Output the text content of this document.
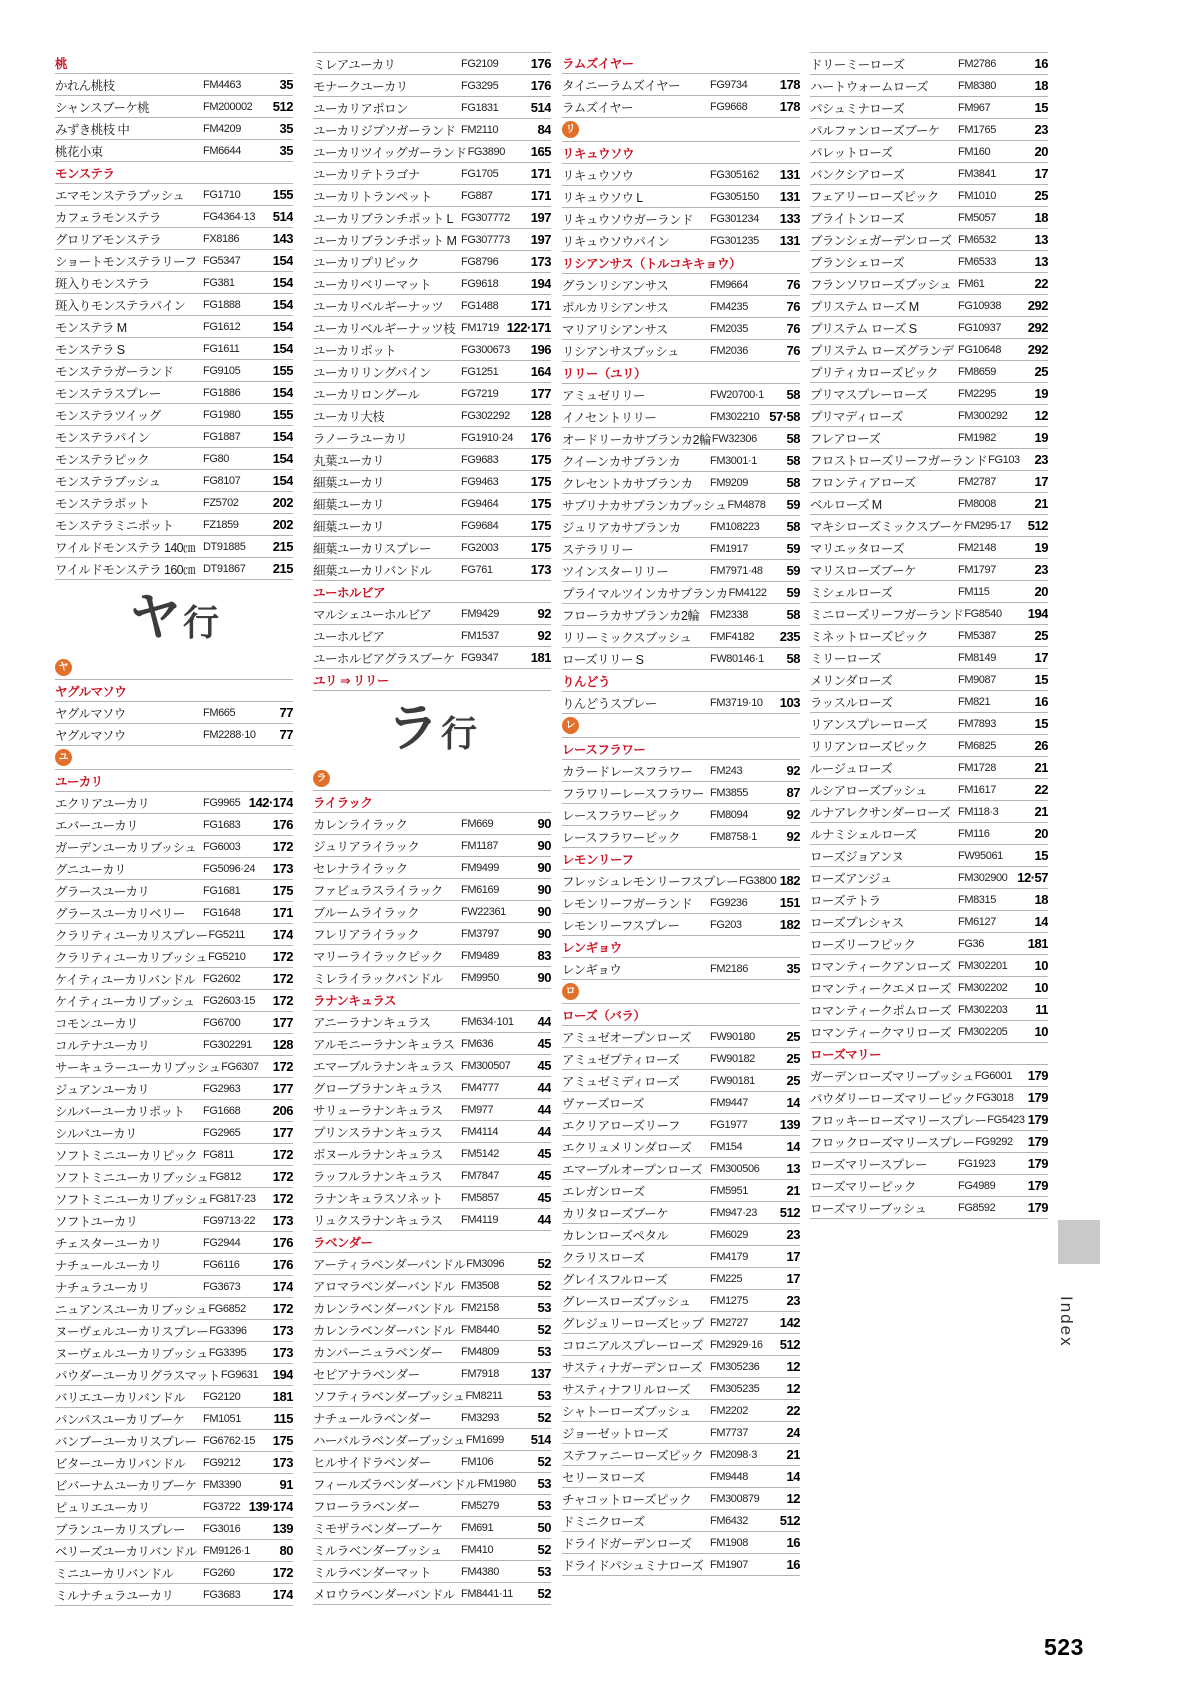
桃
かれん桃枝	FM4463	35
シャンスブーケ桃	FM200002	512
みずき桃枝 中	FM4209	35
桃花小束	FM6644	35
モンステラ
エマモンステラブッシュ	FG1710	155
カフェラモンステラ	FG4364·13	514
グロリアモンステラ	FX8186	143
ショートモンステラリーフ FG5347	154
斑入りモンステラ	FG381	154
斑入りモンステラパイン	FG1888	154
モンステラ M	FG1612	154
モンステラ S	FG1611	154
モンステラガーランド	FG9105	155
モンステラスプレー	FG1886	154
モンステラツイッグ	FG1980	155
モンステラパイン	FG1887	154
モンステラピック	FG80	154
モンステラブッシュ	FG8107	154
モンステラポット	FZ5702	202
モンステラミニポット	FZ1859	202
ワイルドモンステラ 140㎝ DT91885	215
ワイルドモンステラ 160㎝ DT91867	215
ヤ 行
ヤ
ヤグルマソウ
ヤグルマソウ	FM665	77
ヤグルマソウ	FM2288·10	77
ユ
ユーカリ
エクリアユーカリ	FG9965 142·174
エバーユーカリ	FG1683	176
ガーデンユーカリブッシュ FG6003	172
グニユーカリ	FG5096·24	173
グラースユーカリ	FG1681	175
グラースユーカリベリー	FG1648	171
クラリティユーカリスプレー FG5211	174
クラリティユーカリブッシュ FG5210	172
ケイティユーカリバンドル FG2602	172
ケイティユーカリブッシュ FG2603·15	172
コモンユーカリ	FG6700	177
コルテナユーカリ	FG302291	128
サーキュラーユーカリブッシュ FG6307	172
ジュアンユーカリ	FG2963	177
シルバーユーカリポット	FG1668	206
シルバユーカリ	FG2965	177
ソフトミニユーカリピック FG811	172
ソフトミニユーカリブッシュ FG812	172
ソフトミニユーカリブッシュ FG817·23	172
ソフトユーカリ	FG9713·22	173
チェスターユーカリ	FG2944	176
ナチュールユーカリ	FG6116	176
ナチュラユーカリ	FG3673	174
ニュアンスユーカリブッシュ FG6852	172
ヌーヴェルユーカリスプレー FG3396	173
ヌーヴェルユーカリブッシュ FG3395	173
パウダーユーカリグラスマット FG9631	194
バリエユーカリバンドル	FG2120	181
パンパスユーカリブーケ	FM1051	115
バンブーユーカリスプレー FG6762·15	175
ビターユーカリバンドル	FG9212	173
ビバーナムユーカリブーケ FM3390	91
ピュリエユーカリ	FG3722 139·174
ブランユーカリスプレー	FG3016	139
ベリーズユーカリバンドル FM9126·1	80
ミニユーカリバンドル	FG260	172
ミルナチュラユーカリ	FG3683	174
ミレアユーカリ	FG2109	176
モナークユーカリ	FG3295	176
ユーカリアポロン	FG1831	514
ユーカリジプソガーランド FM2110	84
ユーカリツイッグガーランド FG3890	165
ユーカリテトラゴナ	FG1705	171
ユーカリトランペット	FG887	171
ユーカリブランチポット L FG307772	197
ユーカリブランチポット M FG307773	197
ユーカリプリピック	FG8796	173
ユーカリベリーマット	FG9618	194
ユーカリベルギーナッツ	FG1488	171
ユーカリベルギーナッツ枝 FM1719 122·171
ユーカリポット	FG300673	196
ユーカリリングパイン	FG1251	164
ユーカリロングール	FG7219	177
ユーカリ大枝	FG302292	128
ラノーラユーカリ	FG1910·24	176
丸葉ユーカリ	FG9683	175
細葉ユーカリ	FG9463	175
細葉ユーカリ	FG9464	175
細葉ユーカリ	FG9684	175
細葉ユーカリスプレー	FG2003	175
細葉ユーカリバンドル	FG761	173
ユーホルビア
マルシェユーホルビア	FM9429	92
ユーホルビア	FM1537	92
ユーホルビアグラスブーケ FG9347	181
ユリ ⇒ リリー
ラ 行
ラ
ライラック
カレンライラック	FM669	90
ジュリアライラック	FM1187	90
セレナライラック	FM9499	90
ファビュラスライラック	FM6169	90
ブルームライラック	FW22361	90
フレリアライラック	FM3797	90
マリーライラックピック	FM9489	83
ミレライラックバンドル	FM9950	90
ラナンキュラス
アニーラナンキュラス	FM634·101	44
アルモニーラナンキュラス FM636	45
エマーブルラナンキュラス FM300507	45
グローブラナンキュラス	FM4777	44
サリューラナンキュラス	FM977	44
プリンスラナンキュラス	FM4114	44
ボヌールラナンキュラス	FM5142	45
ラッフルラナンキュラス	FM7847	45
ラナンキュラスソネット	FM5857	45
リュクスラナンキュラス	FM4119	44
ラベンダー
アーティラベンダーバンドル FM3096	52
アロマラベンダーバンドル FM3508	52
カレンラベンダーバンドル FM2158	53
カレンラベンダーバンドル FM8440	52
カンパーニュラベンダー	FM4809	53
セピアナラベンダー	FM7918	137
ソフティラベンダーブッシュ FM8211	53
ナチュールラベンダー	FM3293	52
ハーバルラベンダーブッシュ FM1699	514
ヒルサイドラベンダー	FM106	52
フィールズラベンダーバンドル FM1980	53
フローララベンダー	FM5279	53
ミモザラベンダーブーケ	FM691	50
ミルラベンダーブッシュ	FM410	52
ミルラベンダーマット	FM4380	53
メロウラベンダーバンドル FM8441·11	52
ラムズイヤー
タイニーラムズイヤー	FG9734	178
ラムズイヤー	FG9668	178
リ
リキュウソウ
リキュウソウ	FG305162	131
リキュウソウ L	FG305150	131
リキュウソウガーランド	FG301234	133
リキュウソウパイン	FG301235	131
リシアンサス（トルコキキョウ）
グランリシアンサス	FM9664	76
ポルカリシアンサス	FM4235	76
マリアリシアンサス	FM2035	76
リシアンサスブッシュ	FM2036	76
リリー（ユリ）
アミュゼリリー	FW20700·1	58
イノセントリリー	FM302210 57·58
オードリーカサブランカ2輪 FW32306	58
クイーンカサブランカ	FM3001·1	58
クレセントカサブランカ	FM9209	58
サブリナカサブランカブッシュ FM4878	59
ジュリアカサブランカ	FM108223	58
ステラリリー	FM1917	59
ツインスターリリー	FM7971·48	59
プライマルツインカサブランカ FM4122	59
フローラカサブランカ2輪 FM2338	58
リリーミックスブッシュ	FMF4182	235
ローズリリー S	FW80146·1	58
りんどう
りんどうスプレー	FM3719·10	103
レ
レースフラワー
カラードレースフラワー	FM243	92
フラワリーレースフラワー FM3855	87
レースフラワーピック	FM8094	92
レースフラワーピック	FM8758·1	92
レモンリーフ
フレッシュレモンリーフスプレー FG3800 182
レモンリーフガーランド	FG9236	151
レモンリーフスプレー	FG203	182
レンギョウ
レンギョウ	FM2186	35
ロ
ローズ（バラ）
アミュゼオープンローズ	FW90180	25
アミュゼプティローズ	FW90182	25
アミュゼミディローズ	FW90181	25
ヴァーズローズ	FM9447	14
エクリアローズリーフ	FG1977	139
エクリュメリンダローズ	FM154	14
エマーブルオープンローズ FM300506	13
エレガンローズ	FM5951	21
カリタローズブーケ	FM947·23	512
カレンローズペタル	FM6029	23
クラリスローズ	FM4179	17
グレイスフルローズ	FM225	17
グレースローズブッシュ	FM1275	23
グレジュリーローズヒップ FM2727	142
コロニアルスプレーローズ FM2929·16	512
サスティナガーデンローズ FM305236	12
サスティナフリルローズ	FM305235	12
シャトーローズブッシュ	FM2202	22
ジョーゼットローズ	FM7737	24
ステファニーローズピック FM2098·3	21
セリーヌローズ	FM9448	14
チャコットローズピック	FM300879	12
ドミニクローズ	FM6432	512
ドライドガーデンローズ	FM1908	16
ドライドパシュミナローズ FM1907	16
ドリーミーローズ	FM2786	16
ハートウォームローズ	FM8380	18
パシュミナローズ	FM967	15
パルファンローズブーケ	FM1765	23
パレットローズ	FM160	20
バンクシアローズ	FM3841	17
フェアリーローズピック	FM1010	25
ブライトンローズ	FM5057	18
ブランシェガーデンローズ FM6532	13
ブランシェローズ	FM6533	13
フランソワローズブッシュ FM61	22
プリステム ローズ M	FG10938	292
プリステム ローズ S	FG10937	292
プリステム ローズグランデ FG10648	292
プリティカローズピック	FM8659	25
プリマスプレーローズ	FM2295	19
プリマディローズ	FM300292	12
フレアローズ	FM1982	19
フロストローズリーフガーランド FG103	23
フロンティアローズ	FM2787	17
ベルローズ M	FM8008	21
マキシローズミックスブーケ FM295·17	512
マリエッタローズ	FM2148	19
マリスローズブーケ	FM1797	23
ミシェルローズ	FM115	20
ミニローズリーフガーランド FG8540	194
ミネットローズピック	FM5387	25
ミリーローズ	FM8149	17
メリンダローズ	FM9087	15
ラッスルローズ	FM821	16
リアンスプレーローズ	FM7893	15
リリアンローズピック	FM6825	26
ルージュローズ	FM1728	21
ルシアローズブッシュ	FM1617	22
ルナアレクサンダーローズ FM118·3	21
ルナミシェルローズ	FM116	20
ローズジョアンヌ	FW95061	15
ローズアンジュ	FM302900 12·57
ローズテトラ	FM8315	18
ローズプレシャス	FM6127	14
ローズリーフピック	FG36	181
ロマンティークアンローズ FM302201	10
ロマンティークエメローズ FM302202	10
ロマンティークポムローズ FM302203	11
ロマンティークマリローズ FM302205	10
ローズマリー
ガーデンローズマリーブッシュ FG6001	179
パウダリーローズマリーピック FG3018	179
フロッキーローズマリースプレー FG5423 179
フロックローズマリースプレー FG9292	179
ローズマリースプレー	FG1923	179
ローズマリーピック	FG4989	179
ローズマリーブッシュ	FG8592	179
Index
523
